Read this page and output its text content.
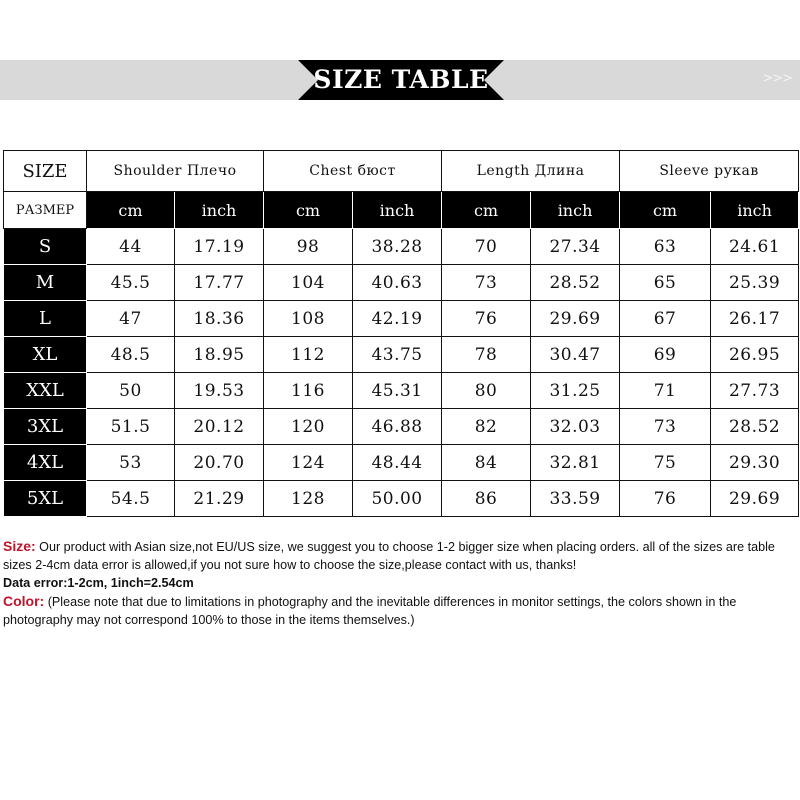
SIZE TABLE	>>>
SIZE	Shoulder Плечо		Chest бюст		Length Длина		Sleeve рукав	
РАЗМЕР	cm	inch	cm	inch	cm	inch	cm	inch
S	44	17.19	98	38.28	70	27.34	63	24.61
M	45.5	17.77	104	40.63	73	28.52	65	25.39
L	47	18.36	108	42.19	76	29.69	67	26.17
XL	48.5	18.95	112	43.75	78	30.47	69	26.95
XXL	50	19.53	116	45.31	80	31.25	71	27.73
3XL	51.5	20.12	120	46.88	82	32.03	73	28.52
4XL	53	20.70	124	48.44	84	32.81	75	29.30
5XL	54.5	21.29	128	50.00	86	33.59	76	29.69

Size: Our product with Asian size,not EU/US size, we suggest you to choose 1-2 bigger size when placing orders. all of the sizes are table sizes 2-4cm data error is allowed,if you not sure how to choose the size,please contact with us, thanks!

Data error:1-2cm, 1inch=2.54cm

Color: (Please note that due to limitations in photography and the inevitable differences in monitor settings, the colors shown in the photography may not correspond 100% to those in the items themselves.)
